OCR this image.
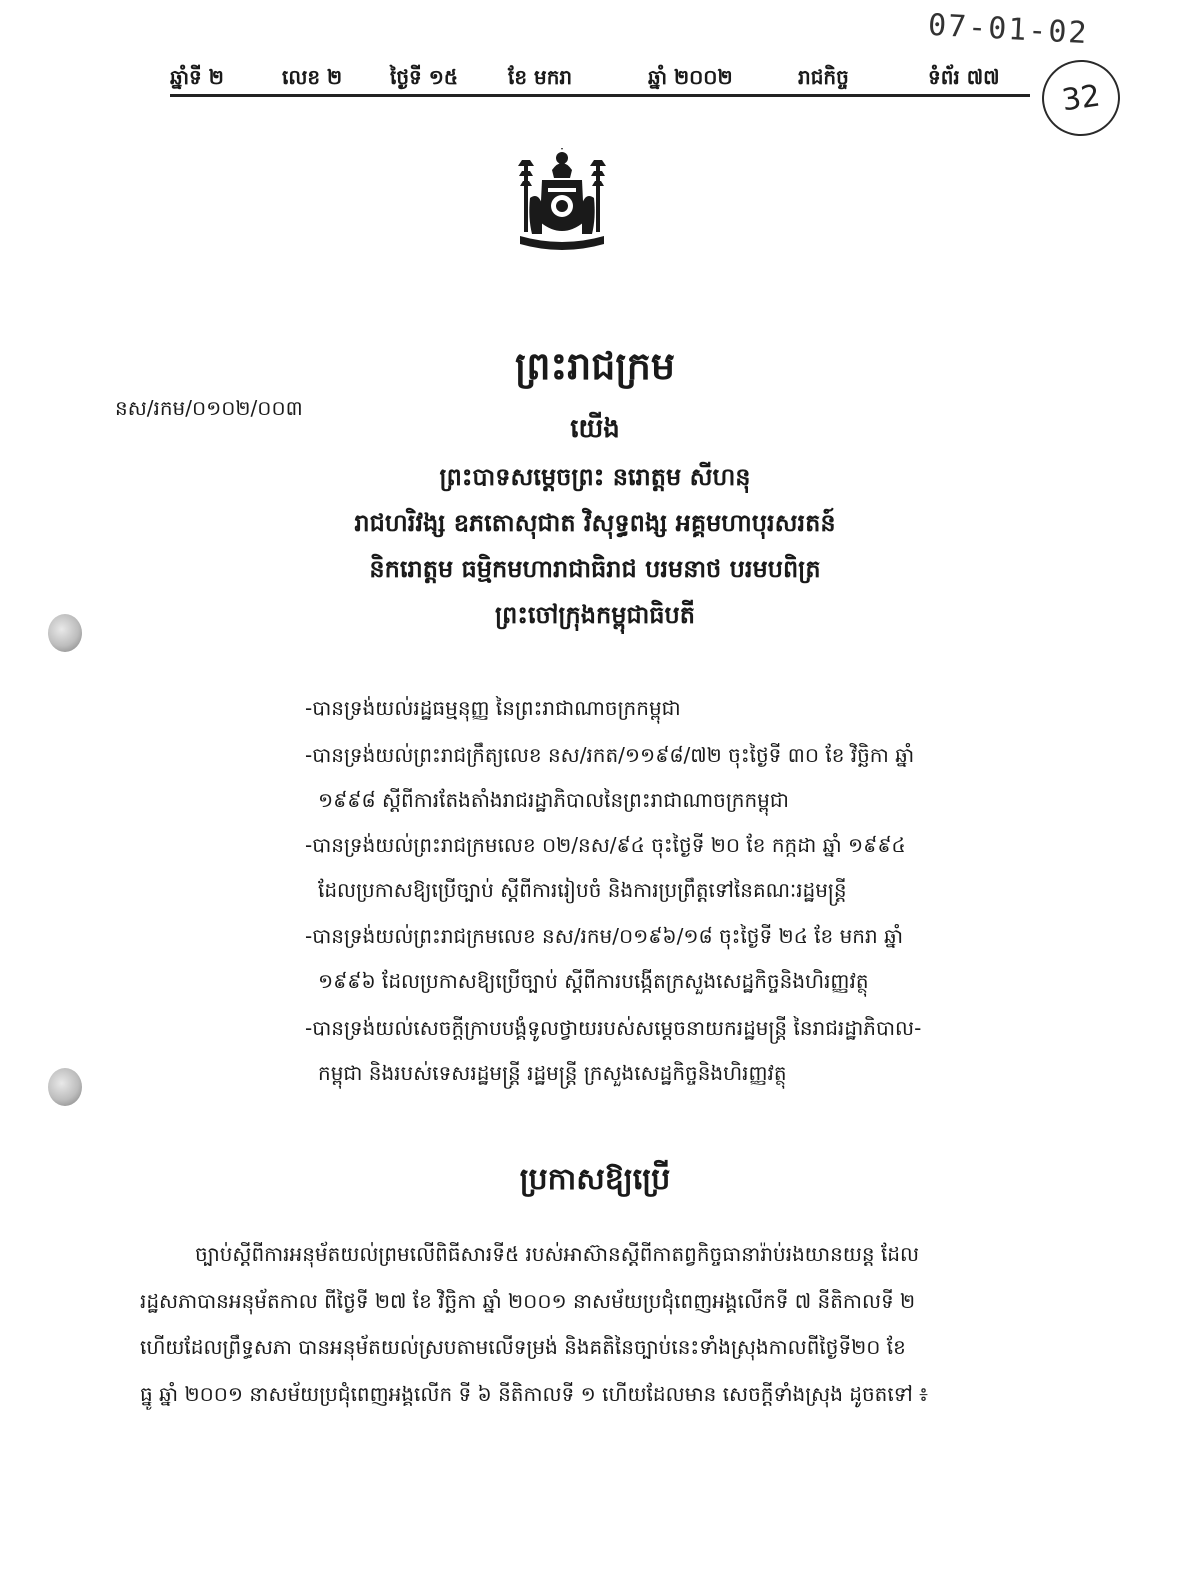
07-01-02
32
ឆ្នាំទី ២	លេខ ២ ថ្ងៃទី ១៥	ខែ មករា	ឆ្នាំ ២០០២	រាជកិច្ច	ទំព័រ ៧៧
ព្រះរាជក្រម
នស/រកម/០១០២/០០៣
យើង
ព្រះបាទសម្តេចព្រះ នរោត្តម សីហនុ
រាជហរិវង្ស ឧភតោសុជាត វិសុទ្ធពង្ស អគ្គមហាបុរសរតន៍
និករោត្តម ធម្មិកមហារាជាធិរាជ បរមនាថ បរមបពិត្រ
ព្រះចៅក្រុងកម្ពុជាធិបតី
-បានទ្រង់យល់រដ្ឋធម្មនុញ្ញ នៃព្រះរាជាណាចក្រកម្ពុជា
-បានទ្រង់យល់ព្រះរាជក្រឹត្យលេខ នស/រកត/១១៩៨/៧២ ចុះថ្ងៃទី ៣០ ខែ វិច្ឆិកា ឆ្នាំ
១៩៩៨ ស្តីពីការតែងតាំងរាជរដ្ឋាភិបាលនៃព្រះរាជាណាចក្រកម្ពុជា
-បានទ្រង់យល់ព្រះរាជក្រមលេខ ០២/នស/៩៤ ចុះថ្ងៃទី ២០ ខែ កក្កដា ឆ្នាំ ១៩៩៤
ដែលប្រកាសឱ្យប្រើច្បាប់ ស្តីពីការរៀបចំ និងការប្រព្រឹត្តទៅនៃគណៈរដ្ឋមន្ត្រី
-បានទ្រង់យល់ព្រះរាជក្រមលេខ នស/រកម/០១៩៦/១៨ ចុះថ្ងៃទី ២៤ ខែ មករា ឆ្នាំ
១៩៩៦ ដែលប្រកាសឱ្យប្រើច្បាប់ ស្តីពីការបង្កើតក្រសួងសេដ្ឋកិច្ចនិងហិរញ្ញវត្ថុ
-បានទ្រង់យល់សេចក្តីក្រាបបង្គំទូលថ្វាយរបស់សម្តេចនាយករដ្ឋមន្ត្រី នៃរាជរដ្ឋាភិបាល-
កម្ពុជា និងរបស់ទេសរដ្ឋមន្ត្រី រដ្ឋមន្ត្រី ក្រសួងសេដ្ឋកិច្ចនិងហិរញ្ញវត្ថុ
ប្រកាសឱ្យប្រើ
ច្បាប់ស្តីពីការអនុម័តយល់ព្រមលើពិធីសារទី៥ របស់អាស៊ានស្តីពីកាតព្វកិច្ចធានារ៉ាប់រងយានយន្ត ដែល
រដ្ឋសភាបានអនុម័តកាល ពីថ្ងៃទី ២៧ ខែ វិច្ឆិកា ឆ្នាំ ២០០១ នាសម័យប្រជុំពេញអង្គលើកទី ៧ នីតិកាលទី ២
ហើយដែលព្រឹទ្ធសភា បានអនុម័តយល់ស្របតាមលើទម្រង់ និងគតិនៃច្បាប់នេះទាំងស្រុងកាលពីថ្ងៃទី២០ ខែ
ធ្នូ ឆ្នាំ ២០០១ នាសម័យប្រជុំពេញអង្គលើក ទី ៦ នីតិកាលទី ១ ហើយដែលមាន សេចក្តីទាំងស្រុង ដូចតទៅ ៖
